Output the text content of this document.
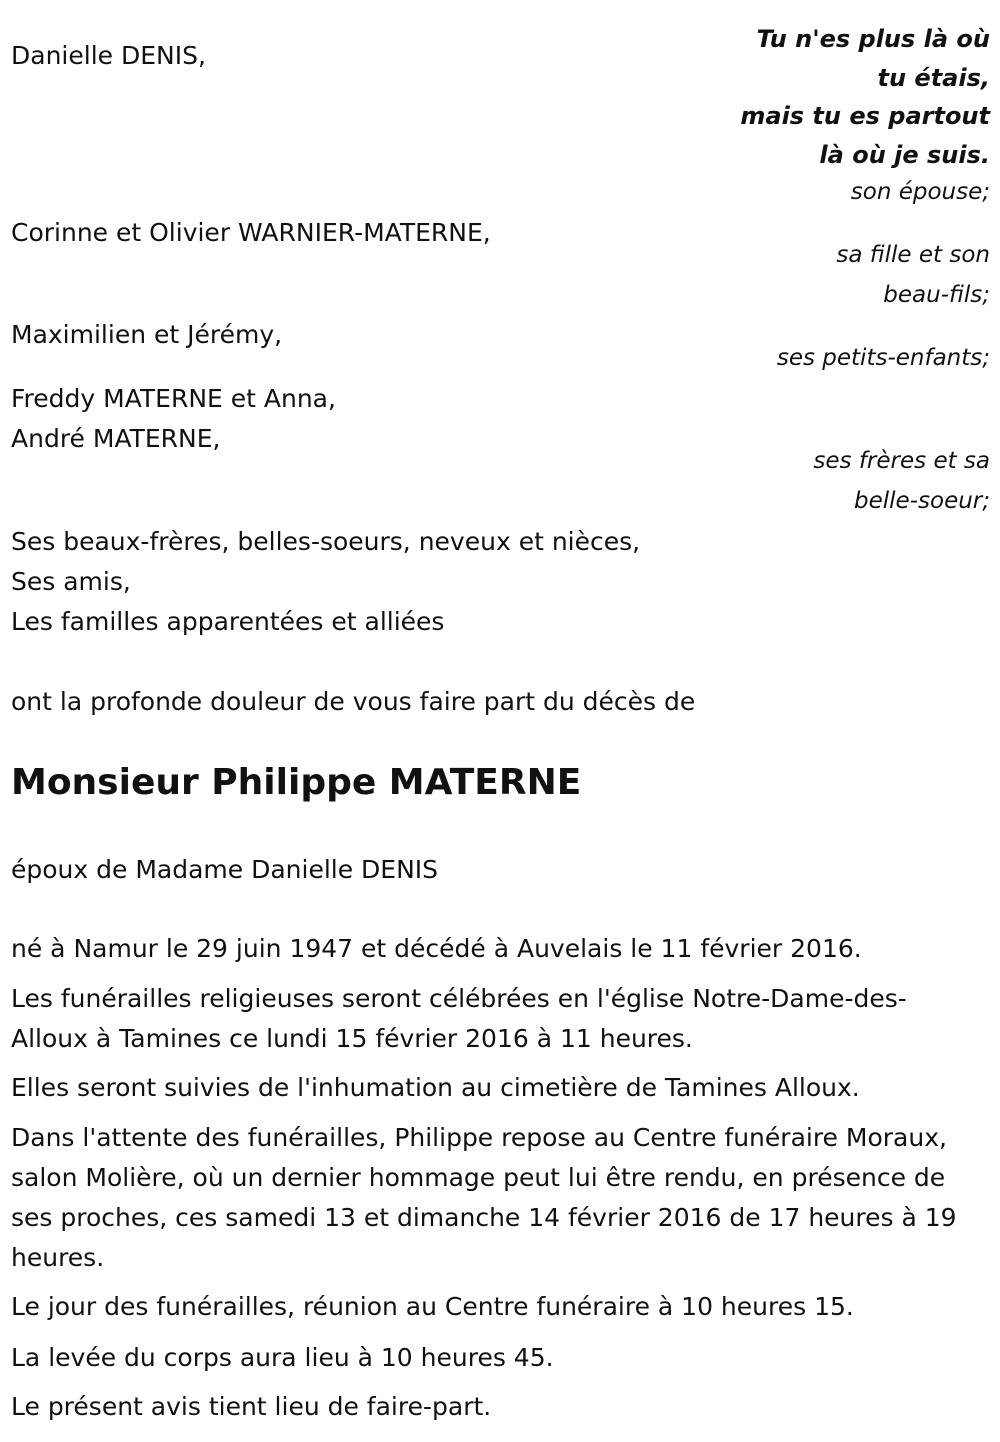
Tu n'es plus là où
tu étais,
mais tu es partout
là où je suis.
Danielle DENIS,
son épouse;
Corinne et Olivier WARNIER-MATERNE,
sa fille et son
beau-fils;
Maximilien et Jérémy,
ses petits-enfants;
Freddy MATERNE et Anna,
André MATERNE,
ses frères et sa
belle-soeur;
Ses beaux-frères, belles-soeurs, neveux et nièces,
Ses amis,
Les familles apparentées et alliées
ont la profonde douleur de vous faire part du décès de
Monsieur Philippe MATERNE
époux de Madame Danielle DENIS
né à Namur le 29 juin 1947 et décédé à Auvelais le 11 février 2016.
Les funérailles religieuses seront célébrées en l'église Notre-Dame-des-Alloux à Tamines ce lundi 15 février 2016 à 11 heures.
Elles seront suivies de l'inhumation au cimetière de Tamines Alloux.
Dans l'attente des funérailles, Philippe repose au Centre funéraire Moraux, salon Molière, où un dernier hommage peut lui être rendu, en présence de ses proches, ces samedi 13 et dimanche 14 février 2016 de 17 heures à 19 heures.
Le jour des funérailles, réunion au Centre funéraire à 10 heures 15.
La levée du corps aura lieu à 10 heures 45.
Le présent avis tient lieu de faire-part.
